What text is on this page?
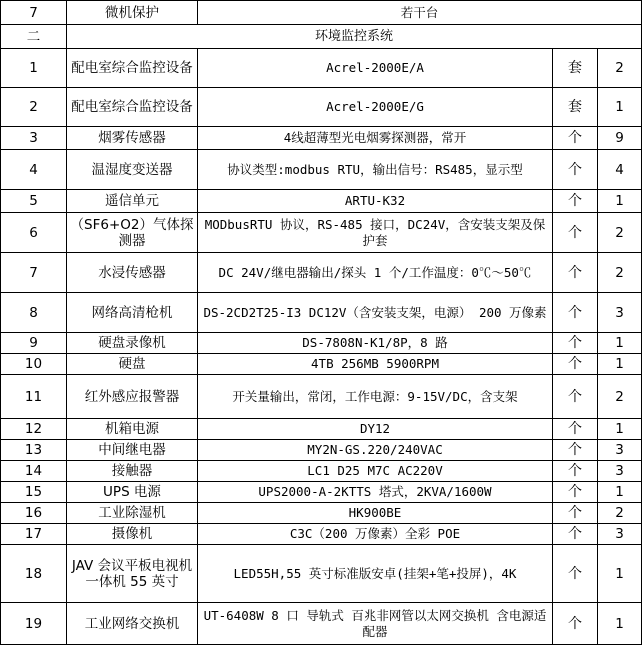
7	微机保护	若干台		
二	环境监控系统			
1	配电室综合监控设备	Acrel-2000E/A	套	2
2	配电室综合监控设备	Acrel-2000E/G	套	1
3	烟雾传感器	4线超薄型光电烟雾探测器，常开	个	9
4	温湿度变送器	协议类型:modbus RTU，输出信号：RS485，显示型	个	4
5	遥信单元	ARTU-K32	个	1
6	（SF6+O2）气体探测器	MODbusRTU 协议，RS-485 接口，DC24V，含安装支架及保护套	个	2
7	水浸传感器	DC 24V/继电器输出/探头 1 个/工作温度：0℃～50℃	个	2
8	网络高清枪机	DS-2CD2T25-I3 DC12V（含安装支架，电源） 200 万像素	个	3
9	硬盘录像机	DS-7808N-K1/8P，8 路	个	1
10	硬盘	4TB 256MB 5900RPM	个	1
11	红外感应报警器	开关量输出，常闭，工作电源：9-15V/DC，含支架	个	2
12	机箱电源	DY12	个	1
13	中间继电器	MY2N-GS.220/240VAC	个	3
14	接触器	LC1 D25 M7C AC220V	个	3
15	UPS 电源	UPS2000-A-2KTTS 塔式，2KVA/1600W	个	1
16	工业除湿机	HK900BE	个	2
17	摄像机	C3C（200 万像素）全彩 POE	个	3
18	JAV 会议平板电视机一体机 55 英寸	LED55H,55 英寸标准版安卓(挂架+笔+投屏)，4K	个	1
19	工业网络交换机	UT-6408W 8 口 导轨式 百兆非网管以太网交换机 含电源适配器	个	1
